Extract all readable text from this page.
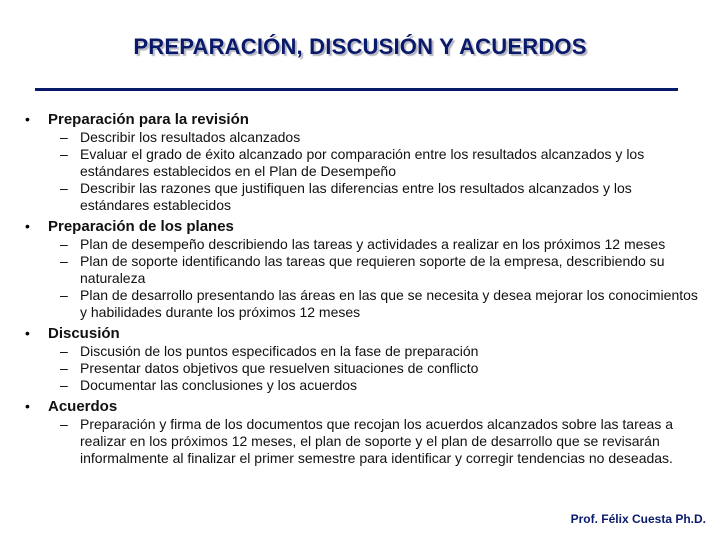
PREPARACIÓN, DISCUSIÓN Y ACUERDOS
•	Preparación para la revisión
– Describir los resultados alcanzados
– Evaluar el grado de éxito alcanzado por comparación entre los resultados alcanzados y los estándares establecidos en el Plan de Desempeño
– Describir las razones que justifiquen las diferencias entre los resultados alcanzados y los estándares establecidos
•	Preparación de los planes
– Plan de desempeño describiendo las tareas y actividades a realizar en los próximos 12 meses
– Plan de soporte identificando las tareas que requieren soporte de la empresa, describiendo su naturaleza
– Plan de desarrollo presentando las áreas en las que se necesita y desea mejorar los conocimientos y habilidades durante los próximos 12 meses
•	Discusión
– Discusión de los puntos especificados en la fase de preparación
– Presentar datos objetivos que resuelven situaciones de conflicto
– Documentar las conclusiones y los acuerdos
•	Acuerdos
– Preparación y firma de los documentos que recojan los acuerdos alcanzados sobre las tareas a realizar en los próximos 12 meses, el plan de soporte y el plan de desarrollo que se revisarán informalmente al finalizar el primer semestre para identificar y corregir tendencias no deseadas.
Prof. Félix Cuesta Ph.D.
